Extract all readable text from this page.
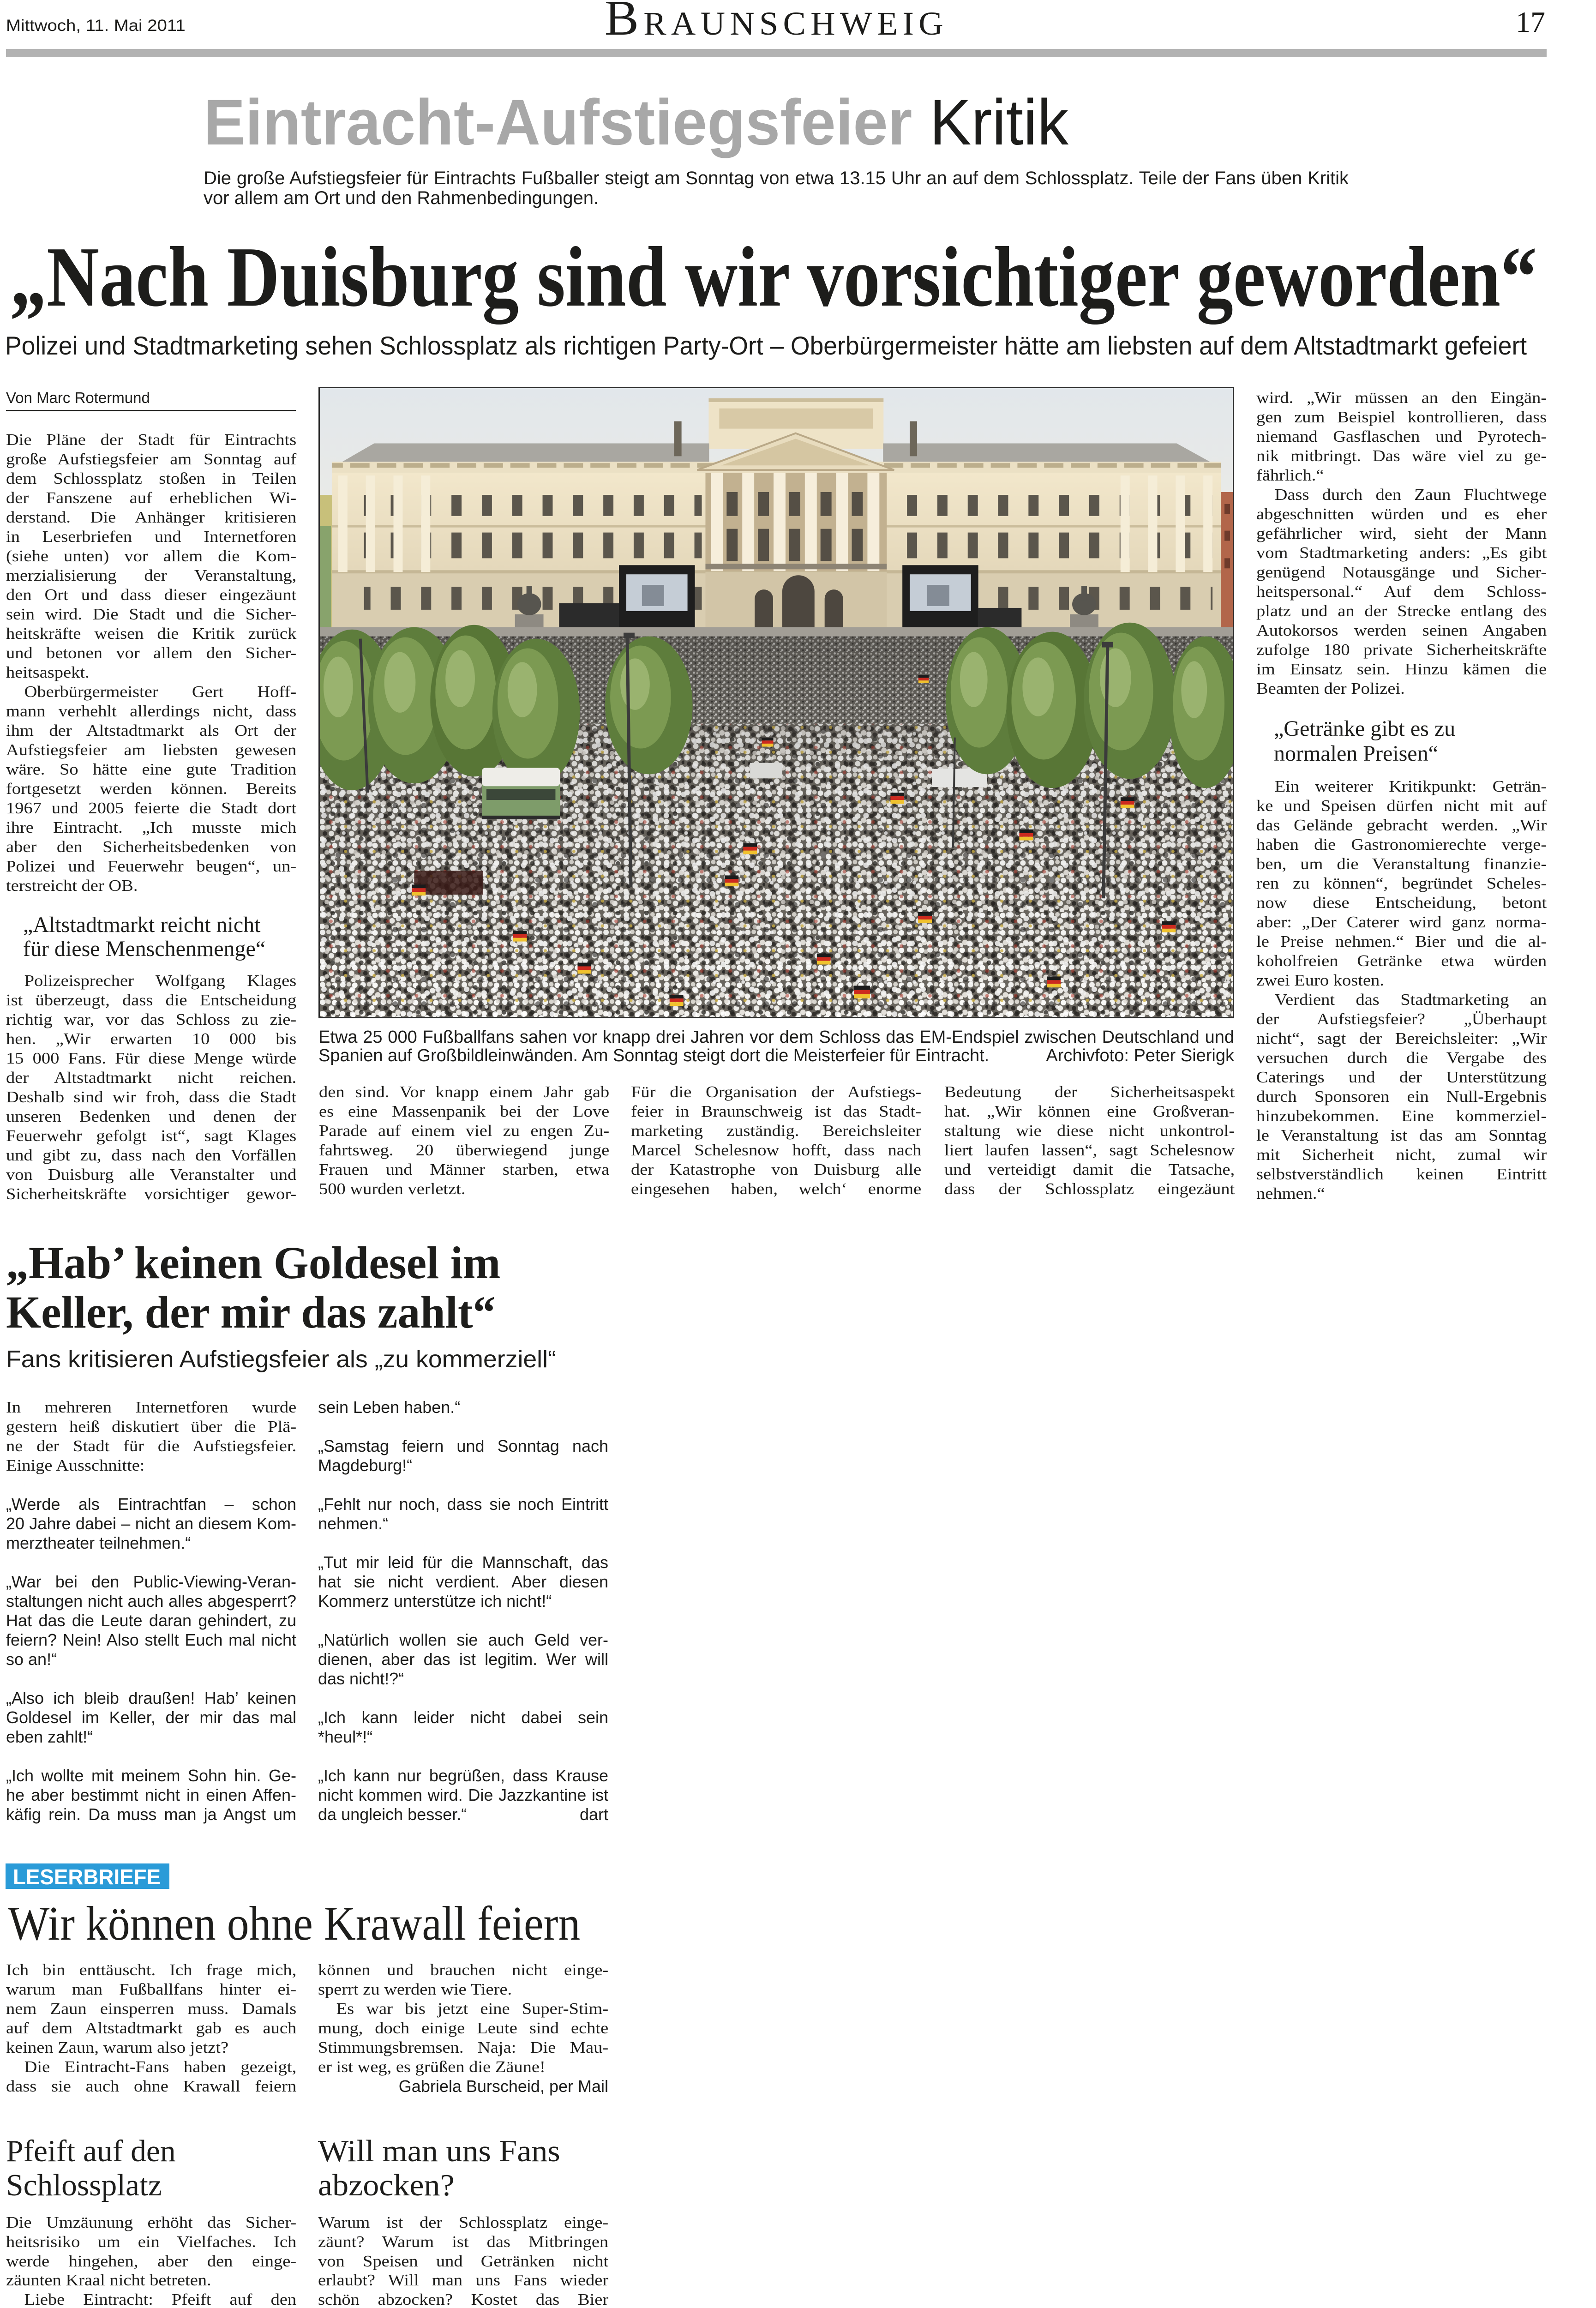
Mittwoch, 11. Mai 2011	BRAUNSCHWEIG	17
Eintracht-Aufstiegsfeier Kritik
Die große Aufstiegsfeier für Eintrachts Fußballer steigt am Sonntag von etwa 13.15 Uhr an auf dem Schlossplatz. Teile der Fans üben Kritik
vor allem am Ort und den Rahmenbedingungen.
„Nach Duisburg sind wir vorsichtiger geworden“
Polizei und Stadtmarketing sehen Schlossplatz als richtigen Party-Ort – Oberbürgermeister hätte am liebsten auf dem Altstadtmarkt gefeiert
Von Marc Rotermund
Die Pläne der Stadt für Eintrachts
große Aufstiegsfeier am Sonntag auf
dem Schlossplatz stoßen in Teilen
der Fanszene auf erheblichen Wi-
derstand. Die Anhänger kritisieren
in Leserbriefen und Internetforen
(siehe unten) vor allem die Kom-
merzialisierung der Veranstaltung,
den Ort und dass dieser eingezäunt
sein wird. Die Stadt und die Sicher-
heitskräfte weisen die Kritik zurück
und betonen vor allem den Sicher-
heitsaspekt.
Oberbürgermeister Gert Hoff-
mann verhehlt allerdings nicht, dass
ihm der Altstadtmarkt als Ort der
Aufstiegsfeier am liebsten gewesen
wäre. So hätte eine gute Tradition
fortgesetzt werden können. Bereits
1967 und 2005 feierte die Stadt dort
ihre Eintracht. „Ich musste mich
aber den Sicherheitsbedenken von
Polizei und Feuerwehr beugen“, un-
terstreicht der OB.
„Altstadtmarkt reicht nicht
für diese Menschenmenge“
Polizeisprecher Wolfgang Klages
ist überzeugt, dass die Entscheidung
richtig war, vor das Schloss zu zie-
hen. „Wir erwarten 10 000 bis
15 000 Fans. Für diese Menge würde
der Altstadtmarkt nicht reichen.
Deshalb sind wir froh, dass die Stadt
unseren Bedenken und denen der
Feuerwehr gefolgt ist“, sagt Klages
und gibt zu, dass nach den Vorfällen
von Duisburg alle Veranstalter und
Sicherheitskräfte vorsichtiger gewor-
Etwa 25 000 Fußballfans sahen vor knapp drei Jahren vor dem Schloss das EM-Endspiel zwischen Deutschland und
Spanien auf Großbildleinwänden. Am Sonntag steigt dort die Meisterfeier für Eintracht.	Archivfoto: Peter Sierigk
den sind. Vor knapp einem Jahr gab
es eine Massenpanik bei der Love
Parade auf einem viel zu engen Zu-
fahrtsweg. 20 überwiegend junge
Frauen und Männer starben, etwa
500 wurden verletzt.
Für die Organisation der Aufstiegs-
feier in Braunschweig ist das Stadt-
marketing zuständig. Bereichsleiter
Marcel Schelesnow hofft, dass nach
der Katastrophe von Duisburg alle
eingesehen haben, welch‘ enorme
Bedeutung der Sicherheitsaspekt
hat. „Wir können eine Großveran-
staltung wie diese nicht unkontrol-
liert laufen lassen“, sagt Schelesnow
und verteidigt damit die Tatsache,
dass der Schlossplatz eingezäunt
wird. „Wir müssen an den Eingän-
gen zum Beispiel kontrollieren, dass
niemand Gasflaschen und Pyrotech-
nik mitbringt. Das wäre viel zu ge-
fährlich.“
Dass durch den Zaun Fluchtwege
abgeschnitten würden und es eher
gefährlicher wird, sieht der Mann
vom Stadtmarketing anders: „Es gibt
genügend Notausgänge und Sicher-
heitspersonal.“ Auf dem Schloss-
platz und an der Strecke entlang des
Autokorsos werden seinen Angaben
zufolge 180 private Sicherheitskräfte
im Einsatz sein. Hinzu kämen die
Beamten der Polizei.
„Getränke gibt es zu
normalen Preisen“
Ein weiterer Kritikpunkt: Geträn-
ke und Speisen dürfen nicht mit auf
das Gelände gebracht werden. „Wir
haben die Gastronomierechte verge-
ben, um die Veranstaltung finanzie-
ren zu können“, begründet Scheles-
now diese Entscheidung, betont
aber: „Der Caterer wird ganz norma-
le Preise nehmen.“ Bier und die al-
koholfreien Getränke etwa würden
zwei Euro kosten.
Verdient das Stadtmarketing an
der Aufstiegsfeier? „Überhaupt
nicht“, sagt der Bereichsleiter: „Wir
versuchen durch die Vergabe des
Caterings und der Unterstützung
durch Sponsoren ein Null-Ergebnis
hinzubekommen. Eine kommerziel-
le Veranstaltung ist das am Sonntag
mit Sicherheit nicht, zumal wir
selbstverständlich keinen Eintritt
nehmen.“
„Hab’ keinen Goldesel im
Keller, der mir das zahlt“
Fans kritisieren Aufstiegsfeier als „zu kommerziell“
In mehreren Internetforen wurde
gestern heiß diskutiert über die Plä-
ne der Stadt für die Aufstiegsfeier.
Einige Ausschnitte:
„Werde als Eintrachtfan – schon
20 Jahre dabei – nicht an diesem Kom-
merztheater teilnehmen.“
„War bei den Public-Viewing-Veran-
staltungen nicht auch alles abgesperrt?
Hat das die Leute daran gehindert, zu
feiern? Nein! Also stellt Euch mal nicht
so an!“
„Also ich bleib draußen! Hab’ keinen
Goldesel im Keller, der mir das mal
eben zahlt!“
„Ich wollte mit meinem Sohn hin. Ge-
he aber bestimmt nicht in einen Affen-
käfig rein. Da muss man ja Angst um
sein Leben haben.“
„Samstag feiern und Sonntag nach
Magdeburg!“
„Fehlt nur noch, dass sie noch Eintritt
nehmen.“
„Tut mir leid für die Mannschaft, das
hat sie nicht verdient. Aber diesen
Kommerz unterstütze ich nicht!“
„Natürlich wollen sie auch Geld ver-
dienen, aber das ist legitim. Wer will
das nicht!?“
„Ich kann leider nicht dabei sein
*heul*!“
„Ich kann nur begrüßen, dass Krause
nicht kommen wird. Die Jazzkantine ist
da ungleich besser.“	dart
LESERBRIEFE
Wir können ohne Krawall feiern
Ich bin enttäuscht. Ich frage mich,
warum man Fußballfans hinter ei-
nem Zaun einsperren muss. Damals
auf dem Altstadtmarkt gab es auch
keinen Zaun, warum also jetzt?
Die Eintracht-Fans haben gezeigt,
dass sie auch ohne Krawall feiern
können und brauchen nicht einge-
sperrt zu werden wie Tiere.
Es war bis jetzt eine Super-Stim-
mung, doch einige Leute sind echte
Stimmungsbremsen. Naja: Die Mau-
er ist weg, es grüßen die Zäune!
Gabriela Burscheid, per Mail
Pfeift auf den
Schlossplatz
Die Umzäunung erhöht das Sicher-
heitsrisiko um ein Vielfaches. Ich
werde hingehen, aber den einge-
zäunten Kraal nicht betreten.
Liebe Eintracht: Pfeift auf den
Will man uns Fans
abzocken?
Warum ist der Schlossplatz einge-
zäunt? Warum ist das Mitbringen
von Speisen und Getränken nicht
erlaubt? Will man uns Fans wieder
schön abzocken? Kostet das Bier
